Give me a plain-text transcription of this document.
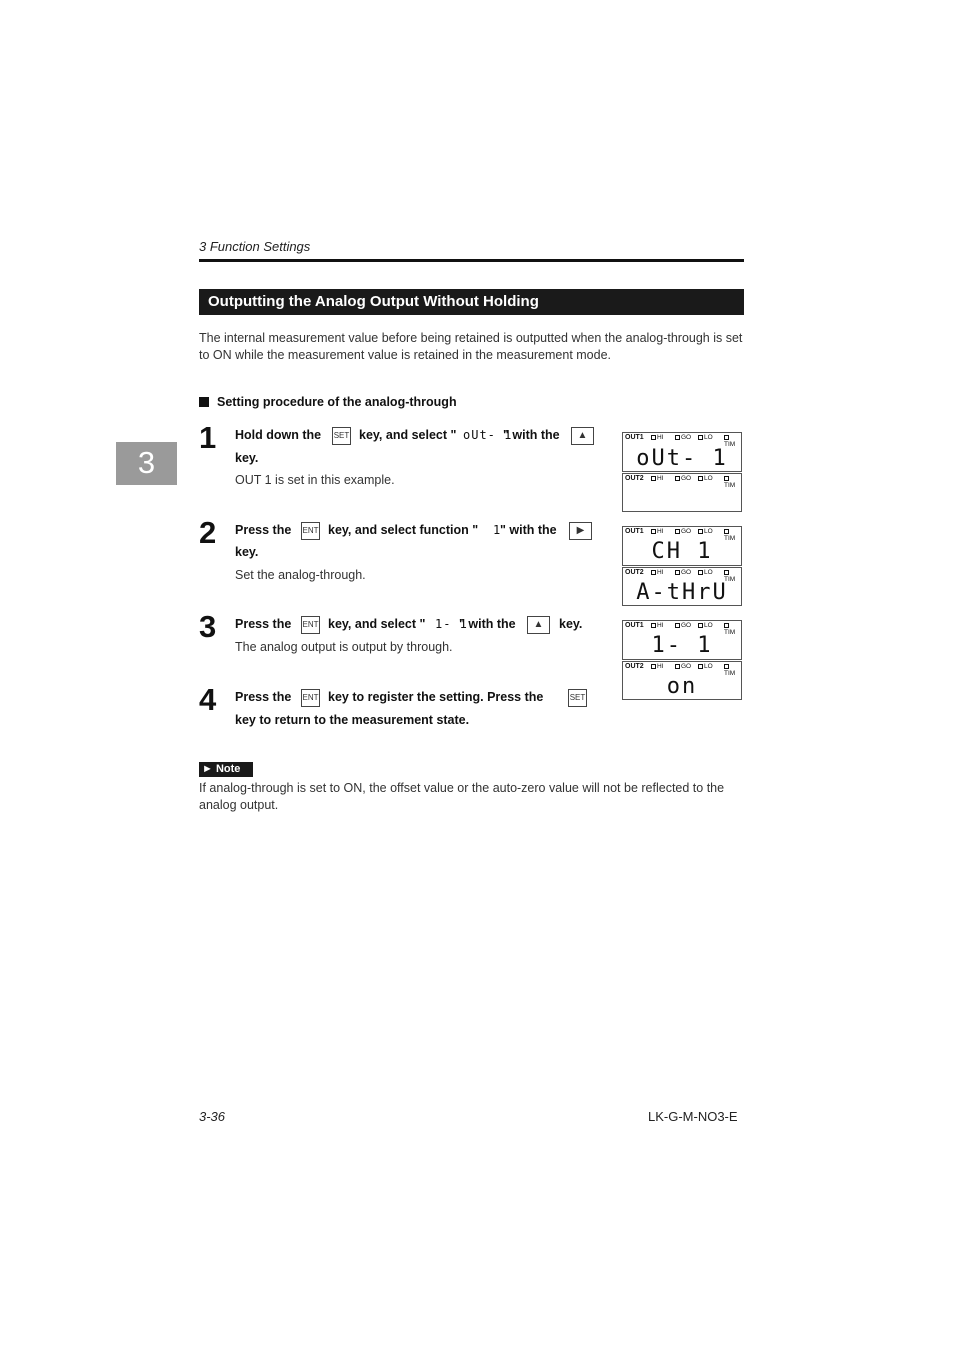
3 Function Settings
3
Outputting the Analog Output Without Holding
The internal measurement value before being retained is outputted when the analog-through is set to ON while the measurement value is retained in the measurement mode.
Setting procedure of the analog-through
1 Hold down the SET key, and select " oUt- 1
" with the	▲
key.
OUT 1 is set in this example.
2 Press the ENT key, and select function " 1
" with the	▶
key.
Set the analog-through.
3 Press the ENT key, and select " 1- 1
" with the	▲	key.
The analog output is output by through.
4 Press the ENT key to register the setting. Press the	SET
key to return to the measurement state.
OUT1	HI	GO	LO
TIM
oUt- 1
OUT2	HI	GO	LO
TIM
OUT1	HI	GO	LO
TIM
CH 1
OUT2	HI	GO	LO
TIM
A-tHrU
OUT1	HI	GO	LO
TIM
1- 1
OUT2	HI	GO	LO
TIM
on
► Note
If analog-through is set to ON, the offset value or the auto-zero value will not be reflected to the analog output.
3-36	LK-G-M-NO3-E
